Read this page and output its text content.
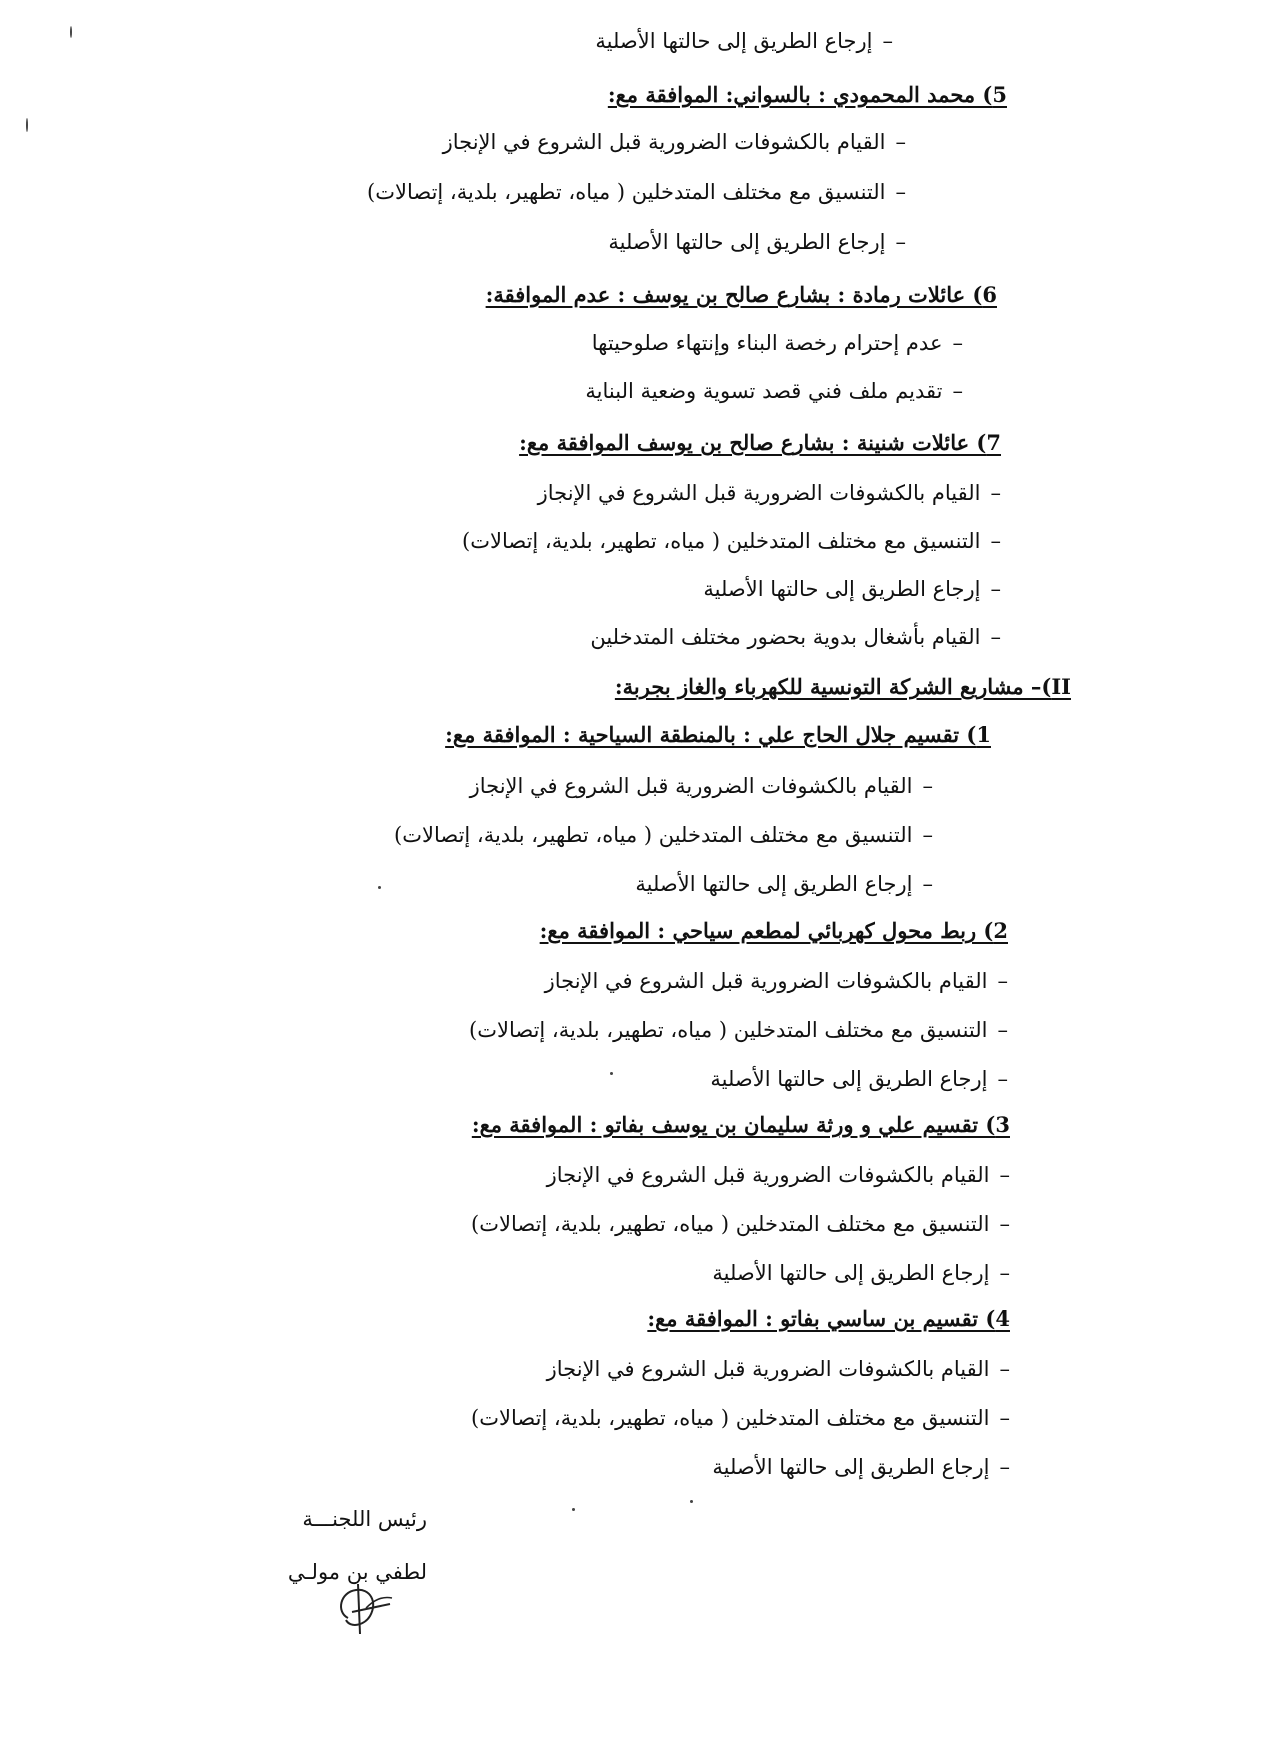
–إرجاع الطريق إلى حالتها الأصلية
5) محمد المحمودي : بالسواني: الموافقة مع:
–القيام بالكشوفات الضرورية قبل الشروع في الإنجاز
–التنسيق مع مختلف المتدخلين ( مياه، تطهير، بلدية، إتصالات)
–إرجاع الطريق إلى حالتها الأصلية
6) عائلات رمادة : بشارع صالح بن يوسف : عدم الموافقة:
–عدم إحترام رخصة البناء وإنتهاء صلوحيتها
–تقديم ملف فني قصد تسوية وضعية البناية
7) عائلات شنينة : بشارع صالح بن يوسف الموافقة مع:
–القيام بالكشوفات الضرورية قبل الشروع في الإنجاز
–التنسيق مع مختلف المتدخلين ( مياه، تطهير، بلدية، إتصالات)
–إرجاع الطريق إلى حالتها الأصلية
–القيام بأشغال بدوية بحضور مختلف المتدخلين
II)– مشاريع الشركة التونسية للكهرباء والغاز بجربة:
1) تقسيم جلال الحاج علي : بالمنطقة السياحية : الموافقة مع:
–القيام بالكشوفات الضرورية قبل الشروع في الإنجاز
–التنسيق مع مختلف المتدخلين ( مياه، تطهير، بلدية، إتصالات)
–إرجاع الطريق إلى حالتها الأصلية
2) ربط محول كهربائي لمطعم سياحي : الموافقة مع:
–القيام بالكشوفات الضرورية قبل الشروع في الإنجاز
–التنسيق مع مختلف المتدخلين ( مياه، تطهير، بلدية، إتصالات)
–إرجاع الطريق إلى حالتها الأصلية
3) تقسيم علي و ورثة سليمان بن يوسف بفاتو : الموافقة مع:
–القيام بالكشوفات الضرورية قبل الشروع في الإنجاز
–التنسيق مع مختلف المتدخلين ( مياه، تطهير، بلدية، إتصالات)
–إرجاع الطريق إلى حالتها الأصلية
4) تقسيم بن ساسي بفاتو : الموافقة مع:
–القيام بالكشوفات الضرورية قبل الشروع في الإنجاز
–التنسيق مع مختلف المتدخلين ( مياه، تطهير، بلدية، إتصالات)
–إرجاع الطريق إلى حالتها الأصلية
رئيس اللجنـــة
لطفي بن مولـي
